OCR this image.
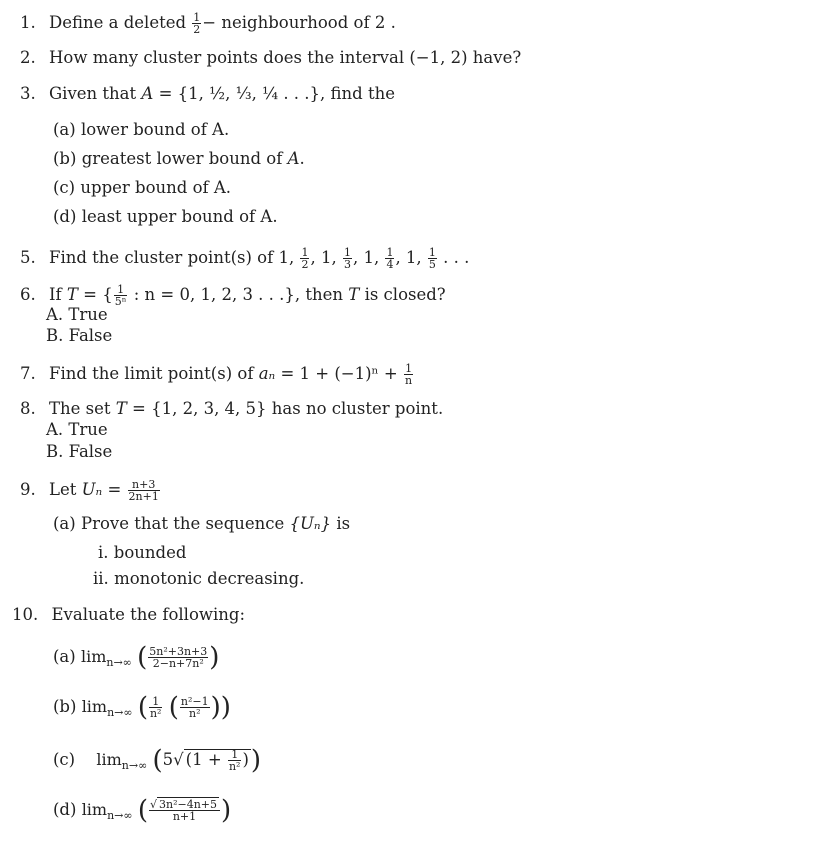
1. Define a deleted $\frac{1}{2}$ − neighbourhood of 2 .
2. How many cluster points does the interval (−1, 2) have?
3. Given that A = {1, ½, ⅓, ¼ . . .}, find the
(a) lower bound of A.
(b) greatest lower bound of A.
(c) upper bound of A.
(d) least upper bound of A.
5. Find the cluster point(s) of 1, $\frac{1}{2}$ , 1, $\frac{1}{3}$ , 1, $\frac{1}{4}$ , 1, $\frac{1}{5}$ . . .
6. If T = { $\frac{1}{\text{5ⁿ}}$ : n = 0, 1, 2, 3 . . .}, then T is closed?
A. True
B. False
7. Find the limit point(s) of $a_n = 1 + (-1)^n + \frac{1}{n}$
8. The set T = {1, 2, 3, 4, 5} has no cluster point.
A. True
B. False
9. Let $U_n = \frac{n+3}{2n+1}$
(a) Prove that the sequence {Uₙ} is
i. bounded
ii. monotonic decreasing.
10. Evaluate the following:
(a) $\lim_{n\to\infty}$ ( $\frac{\text{5n²+3n+3}}{\text{2−n+7n²}}$ )
(b) $\lim_{n\to\infty}$ ( $\frac{1}{\text{n²}}$ ( $\frac{\text{n²−1}}{\text{n²}}$ ))
(c) $\lim_{n\to\infty} (5√$ ($1 + \frac{1}{\text{n²}}$ ))
(d) $\lim_{n\to\infty}$ ( $\frac{\text{√ 3n²−4n+5}}{n+1}$ )
